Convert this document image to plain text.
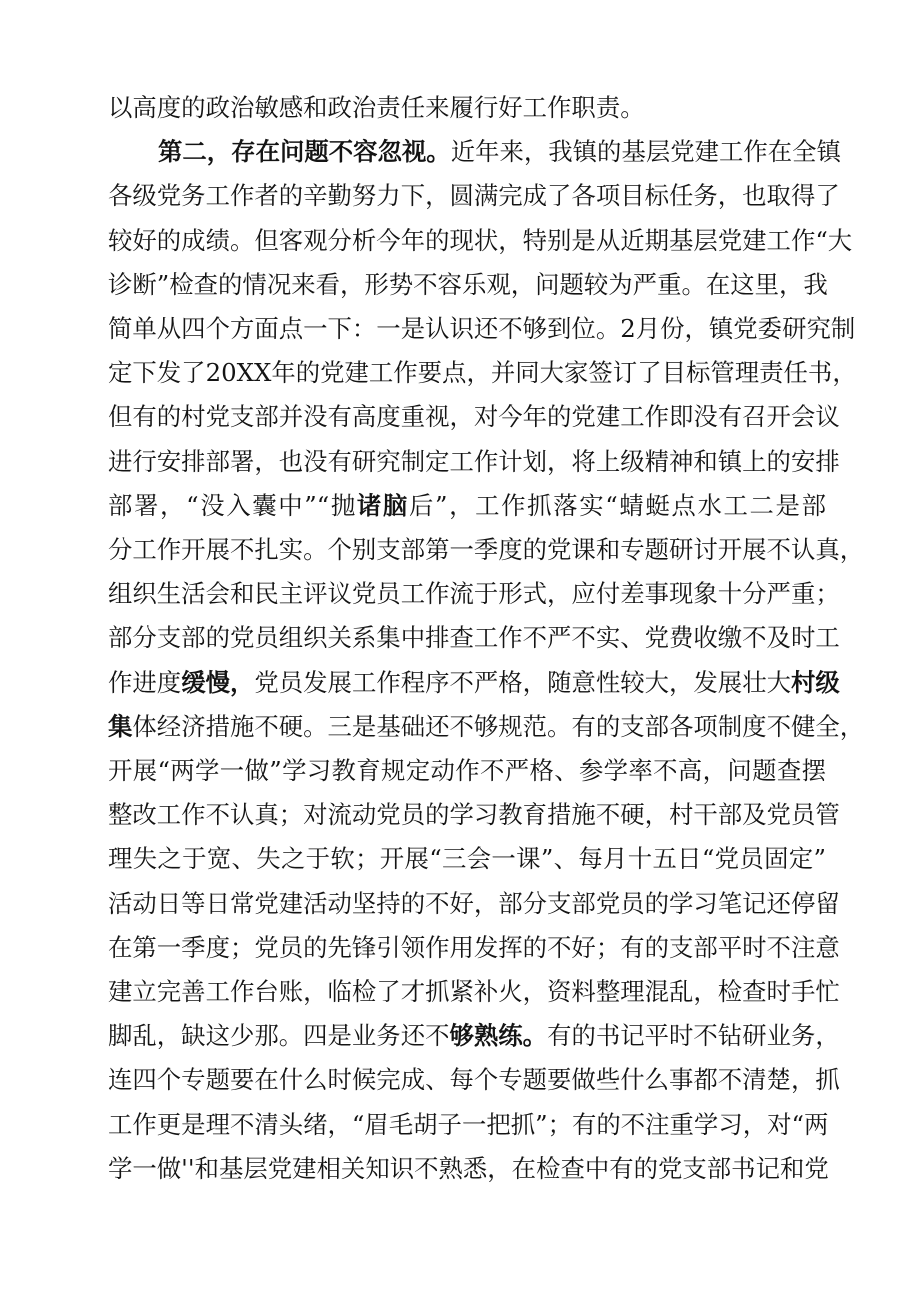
以高度的政治敏感和政治责任来履行好工作职责。
第二，存在问题不容忽视。近年来，我镇的基层党建工作在全镇
各级党务工作者的辛勤努力下，圆满完成了各项目标任务，也取得了
较好的成绩。但客观分析今年的现状，特别是从近期基层党建工作“大
诊断”检查的情况来看，形势不容乐观，问题较为严重。在这里，我
简单从四个方面点一下：一是认识还不够到位。2月份，镇党委研究制
定下发了20XX年的党建工作要点，并同大家签订了目标管理责任书，
但有的村党支部并没有高度重视，对今年的党建工作即没有召开会议
进行安排部署，也没有研究制定工作计划，将上级精神和镇上的安排
部署，“没入囊中”“抛诸脑后”，工作抓落实“蜻蜓点水工二是部
分工作开展不扎实。个别支部第一季度的党课和专题研讨开展不认真，
组织生活会和民主评议党员工作流于形式，应付差事现象十分严重；
部分支部的党员组织关系集中排查工作不严不实、党费收缴不及时工
作进度缓慢，党员发展工作程序不严格，随意性较大，发展壮大村级
集体经济措施不硬。三是基础还不够规范。有的支部各项制度不健全，
开展“两学一做”学习教育规定动作不严格、参学率不高，问题查摆
整改工作不认真；对流动党员的学习教育措施不硬，村干部及党员管
理失之于宽、失之于软；开展“三会一课”、每月十五日“党员固定”
活动日等日常党建活动坚持的不好，部分支部党员的学习笔记还停留
在第一季度；党员的先锋引领作用发挥的不好；有的支部平时不注意
建立完善工作台账，临检了才抓紧补火，资料整理混乱，检查时手忙
脚乱，缺这少那。四是业务还不够熟练。有的书记平时不钻研业务，
连四个专题要在什么时候完成、每个专题要做些什么事都不清楚，抓
工作更是理不清头绪，“眉毛胡子一把抓”；有的不注重学习，对“两
学一做''和基层党建相关知识不熟悉，在检查中有的党支部书记和党
